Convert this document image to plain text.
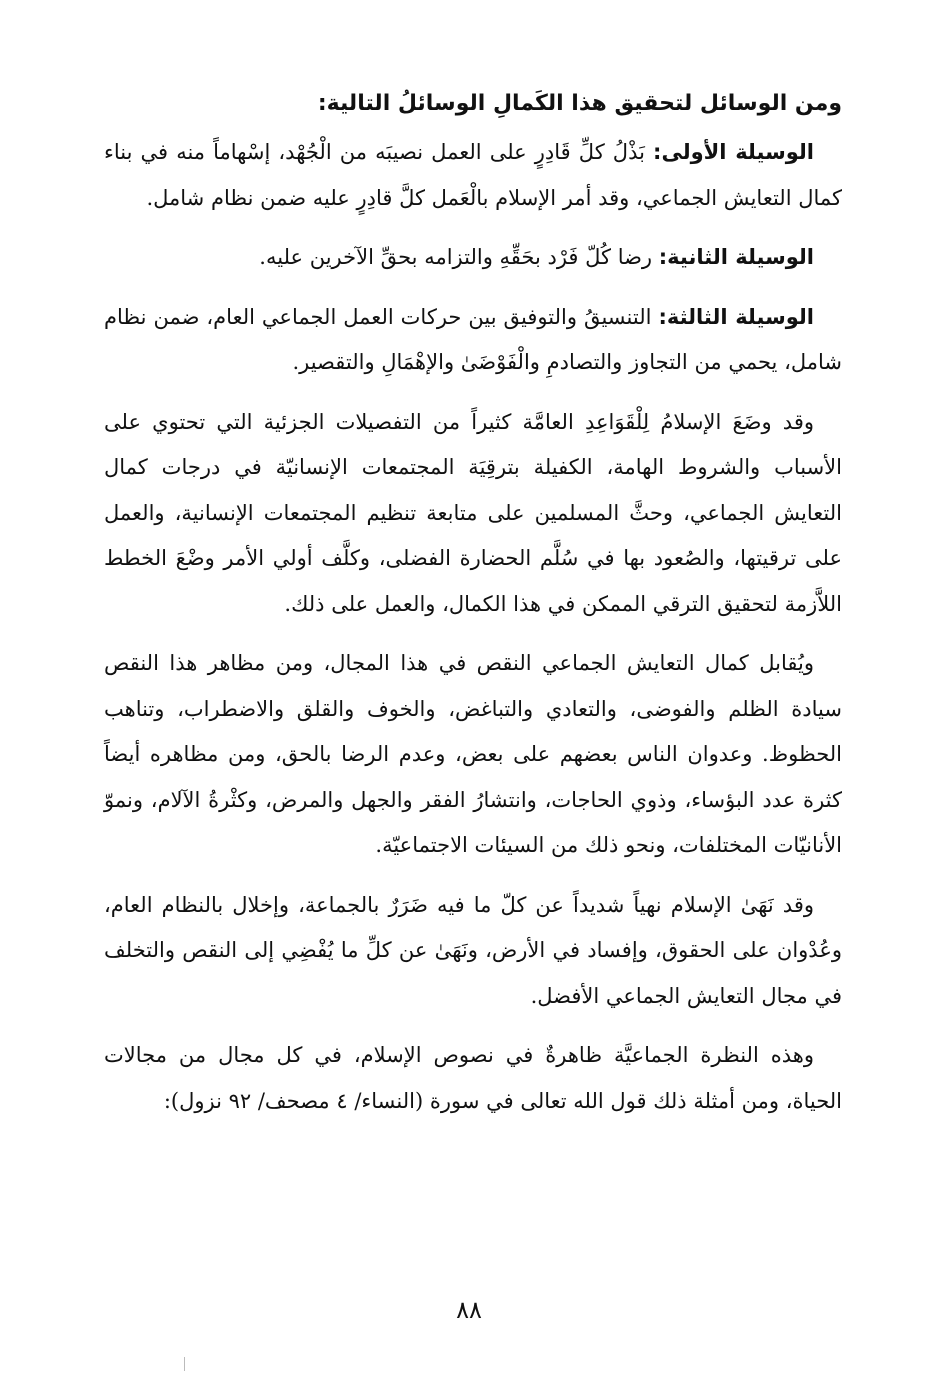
ومن الوسائل لتحقيق هذا الكَمالِ الوسائلُ التالية:

الوسيلة الأولى: بَذْلُ كلِّ قَادِرٍ على العمل نصيبَه من الْجُهْد، إسْهاماً منه في بناء كمال التعايش الجماعي، وقد أمر الإسلام بالْعَمل كلَّ قادِرٍ عليه ضمن نظام شامل.

الوسيلة الثانية: رضا كُلّ فَرْد بحَقِّهِ والتزامه بحقِّ الآخرين عليه.

الوسيلة الثالثة: التنسيقُ والتوفيق بين حركات العمل الجماعي العام، ضمن نظام شامل، يحمي من التجاوز والتصادمِ والْفَوْضَىٰ والإهْمَالِ والتقصير.

وقد وضَعَ الإسلامُ لِلْقَوَاعِدِ العامَّة كثيراً من التفصيلات الجزئية التي تحتوي على الأسباب والشروط الهامة، الكفيلة بترقِيَة المجتمعات الإنسانيّة في درجات كمال التعايش الجماعي، وحثَّ المسلمين على متابعة تنظيم المجتمعات الإنسانية، والعمل على ترقيتها، والصُعود بها في سُلَّم الحضارة الفضلى، وكلَّف أولي الأمر وضْعَ الخطط اللاَّزمة لتحقيق الترقي الممكن في هذا الكمال، والعمل على ذلك.

ويُقابل كمال التعايش الجماعي النقص في هذا المجال، ومن مظاهر هذا النقص سيادة الظلم والفوضى، والتعادي والتباغض، والخوف والقلق والاضطراب، وتناهب الحظوظ. وعدوان الناس بعضهم على بعض، وعدم الرضا بالحق، ومن مظاهره أيضاً كثرة عدد البؤساء، وذوي الحاجات، وانتشارُ الفقر والجهل والمرض، وكثْرةُ الآلام، ونموّ الأنانيّات المختلفات، ونحو ذلك من السيئات الاجتماعيّة.

وقد نَهَىٰ الإسلام نهياً شديداً عن كلّ ما فيه ضَرَرٌ بالجماعة، وإخلال بالنظام العام، وعُدْوان على الحقوق، وإفساد في الأرض، ونَهَىٰ عن كلِّ ما يُفْضِي إلى النقص والتخلف في مجال التعايش الجماعي الأفضل.

وهذه النظرة الجماعيَّة ظاهرةٌ في نصوص الإسلام، في كل مجال من مجالات الحياة، ومن أمثلة ذلك قول الله تعالى في سورة (النساء/ ٤ مصحف/ ٩٢ نزول):

٨٨
